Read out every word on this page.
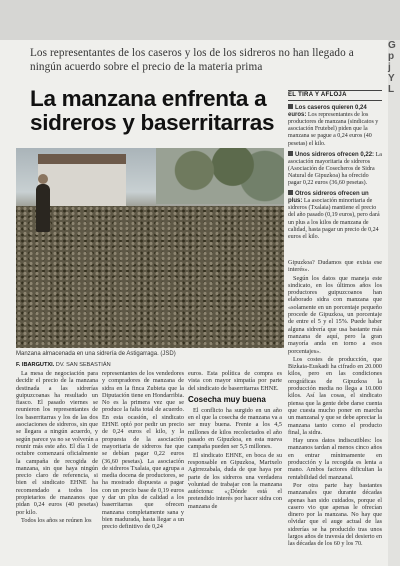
Los representantes de los caseros y los de los sidreros no han llegado a ningún acuerdo sobre el precio de la materia prima
La manzana enfrenta a sidreros y baserritarras
Manzana almacenada en una sidrería de Astigarraga. (JSD)
F. IBARGUTXI. DV. SAN SEBASTIÁN

La mesa de negociación para decidir el precio de la manzana destinada a las sidrerías guipuzcoanas ha resultado un fiasco. El pasado viernes se reunieron los representantes de los baserritarras y los de las dos asociaciones de sidreros, sin que se llegara a ningún acuerdo, y según parece ya no se volverán a reunir más este año. El día 1 de octubre comenzará oficialmente la campaña de recogida de manzana, sin que haya ningún precio claro de referencia, si bien el sindicato EHNE ha recomendado a todos los propietarios de manzanos que pidan 0,24 euros (40 pesetas) por kilo.

Todos los años se reúnen los

representantes de los vendedores y compradores de manzana de sidra en la finca Zubieta que la Diputación tiene en Hondarribia. No es la primera vez que se produce la falta total de acuerdo. En esta ocasión, el sindicato EHNE optó por pedir un precio de 0,24 euros el kilo, y la propuesta de la asociación mayoritaria de sidreros fue que se debían pagar 0,22 euros (36,60 pesetas). La asociación de sidreros Txalaia, que agrupa a media docena de productores, se ha mostrado dispuesta a pagar con un precio base de 0,19 euros y dar un plus de calidad a los baserritarras que ofrecen manzana completamente sana y bien madurada, hasta llegar a un precio definitivo de 0,24

euros. Esta política de compra es vista con mayor simpatía por parte del sindicato de baserritarras EHNE.

Cosecha muy buena

El conflicto ha surgido en un año en el que la cosecha de manzana va a ser muy buena. Frente a los 4,5 millones de kilos recolectados el año pasado en Gipuzkoa, en esta nueva campaña pueden ser 5,5 millones.

El sindicato EHNE, en boca de su responsable en Gipuzkoa, Martxelo Agirrezabala, duda de que haya por parte de los sidreros una verdadera voluntad de trabajar con la manzana autóctona: «¿Dónde está el pretendido interés por hacer sidra con manzana de

EL TIRA Y AFLOJA
Los caseros quieren 0,24 euros: Los representantes de los productores de manzana (sindicatos y asociación Frutebel) piden que la manzana se pague a 0,24 euros (40 pesetas) el kilo.
Unos sidreros ofrecen 0,22: La asociación mayoritaria de sidreros (Asociación de Cosecheros de Sidra Natural de Gipuzkoa) ha ofrecido pagar 0,22 euros (36,60 pesetas).
Otros sidreros ofrecen un plus: La asociación minoritaria de sidreros (Txalaia) mantiene el precio del año pasado (0,19 euros), pero dará un plus a los kilos de manzana de calidad, hasta pagar un precio de 0,24 euros el kilo.

Gipuzkoa? Dudamos que exista ese interés».

Según los datos que maneja este sindicato, en los últimos años los productores guipuzcoanos han elaborado sidra con manzana que «solamente en un porcentaje pequeño procede de Gipuzkoa, un porcentaje de entre el 5 y el 15%. Puede haber alguna sidrería que usa bastante más manzana de aquí, pero la gran mayoría anda en torno a esos porcentajes».

Los costes de producción, que Bizkaia-Euskadi ha cifrado en 20.000 kilos, pero en las condiciones orográficas de Gipuzkoa la producción media no llega a 10.000 kilos. Así las cosas, el sindicato piensa que la gente debe darse cuenta que cuesta mucho poner en marcha un manzanal y que se debe apreciar la manzana tanto como el producto final, la sidra.

Hay unos datos indiscutibles: los manzanos tardan al menos cinco años en entrar mínimamente en producción y la recogida es lenta a mano. Ambos factores dificultan la rentabilidad del manzanal.

Por otra parte hay bastantes manzanales que durante décadas apenas han sido cuidados, porque el casero vio que apenas le ofrecían dinero por la manzana. No hay que olvidar que el auge actual de las sidrerías se ha producido tras unos largos años de travesía del desierto en las décadas de los 60 y los 70.

G
p
j
Y
L
